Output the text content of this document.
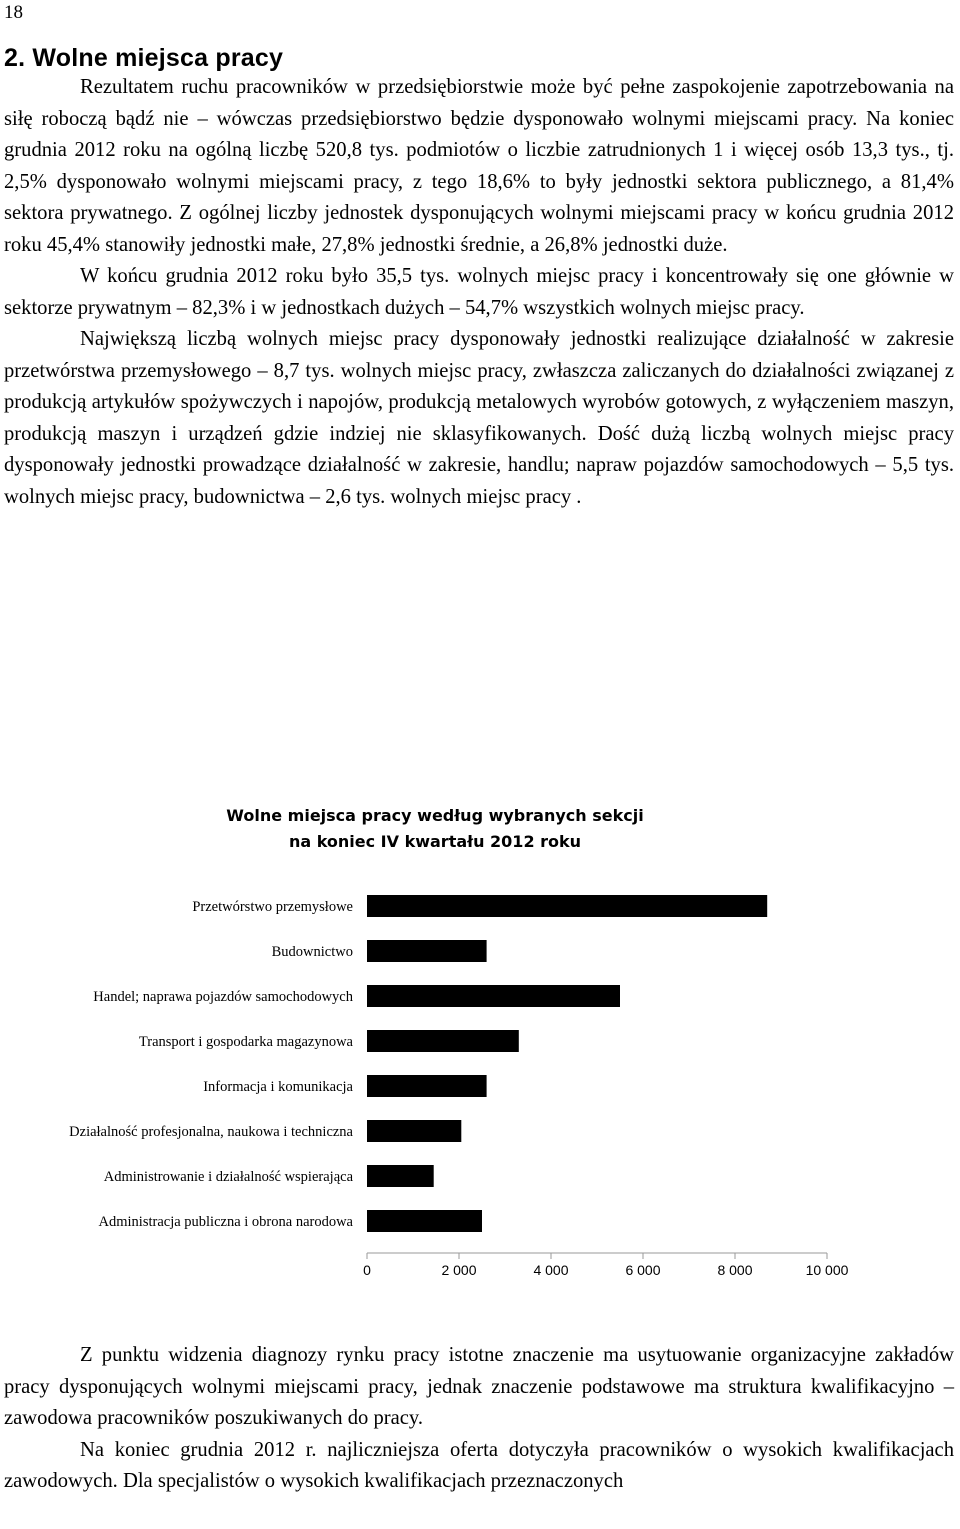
18
2. Wolne miejsca pracy

Rezultatem ruchu pracowników w przedsiębiorstwie może być pełne zaspokojenie zapotrzebowania na siłę roboczą bądź nie – wówczas przedsiębiorstwo będzie dysponowało wolnymi miejscami pracy. Na koniec grudnia 2012 roku na ogólną liczbę 520,8 tys. podmiotów o liczbie zatrudnionych 1 i więcej osób 13,3 tys., tj. 2,5% dysponowało wolnymi miejscami pracy, z tego 18,6% to były jednostki sektora publicznego, a 81,4% sektora prywatnego. Z ogólnej liczby jednostek dysponujących wolnymi miejscami pracy w końcu grudnia 2012 roku 45,4% stanowiły jednostki małe, 27,8% jednostki średnie, a 26,8% jednostki duże.

W końcu grudnia 2012 roku było 35,5 tys. wolnych miejsc pracy i koncentrowały się one głównie w sektorze prywatnym – 82,3% i w jednostkach dużych – 54,7% wszystkich wolnych miejsc pracy.

Największą liczbą wolnych miejsc pracy dysponowały jednostki realizujące działalność w zakresie przetwórstwa przemysłowego – 8,7 tys. wolnych miejsc pracy, zwłaszcza zaliczanych do działalności związanej z produkcją artykułów spożywczych i napojów, produkcją metalowych wyrobów gotowych, z wyłączeniem maszyn, produkcją maszyn i urządzeń gdzie indziej nie sklasyfikowanych. Dość dużą liczbą wolnych miejsc pracy dysponowały jednostki prowadzące działalność w zakresie, handlu; napraw pojazdów samochodowych – 5,5 tys. wolnych miejsc pracy, budownictwa – 2,6 tys. wolnych miejsc pracy .

Wolne miejsca pracy według wybranych sekcji
na koniec IV kwartału 2012 roku
Przetwórstwo przemysłowe
Budownictwo
Handel; naprawa pojazdów samochodowych
Transport i gospodarka magazynowa
Informacja i komunikacja
Działalność profesjonalna, naukowa i techniczna
Administrowanie i działalność wspierająca
Administracja publiczna i obrona narodowa
0	2 000	4 000	6 000	8 000	10 000

Z punktu widzenia diagnozy rynku pracy istotne znaczenie ma usytuowanie organizacyjne zakładów pracy dysponujących wolnymi miejscami pracy, jednak znaczenie podstawowe ma struktura kwalifikacyjno – zawodowa pracowników poszukiwanych do pracy.

Na koniec grudnia 2012 r. najliczniejsza oferta dotyczyła pracowników o wysokich kwalifikacjach zawodowych. Dla specjalistów o wysokich kwalifikacjach przeznaczonych
